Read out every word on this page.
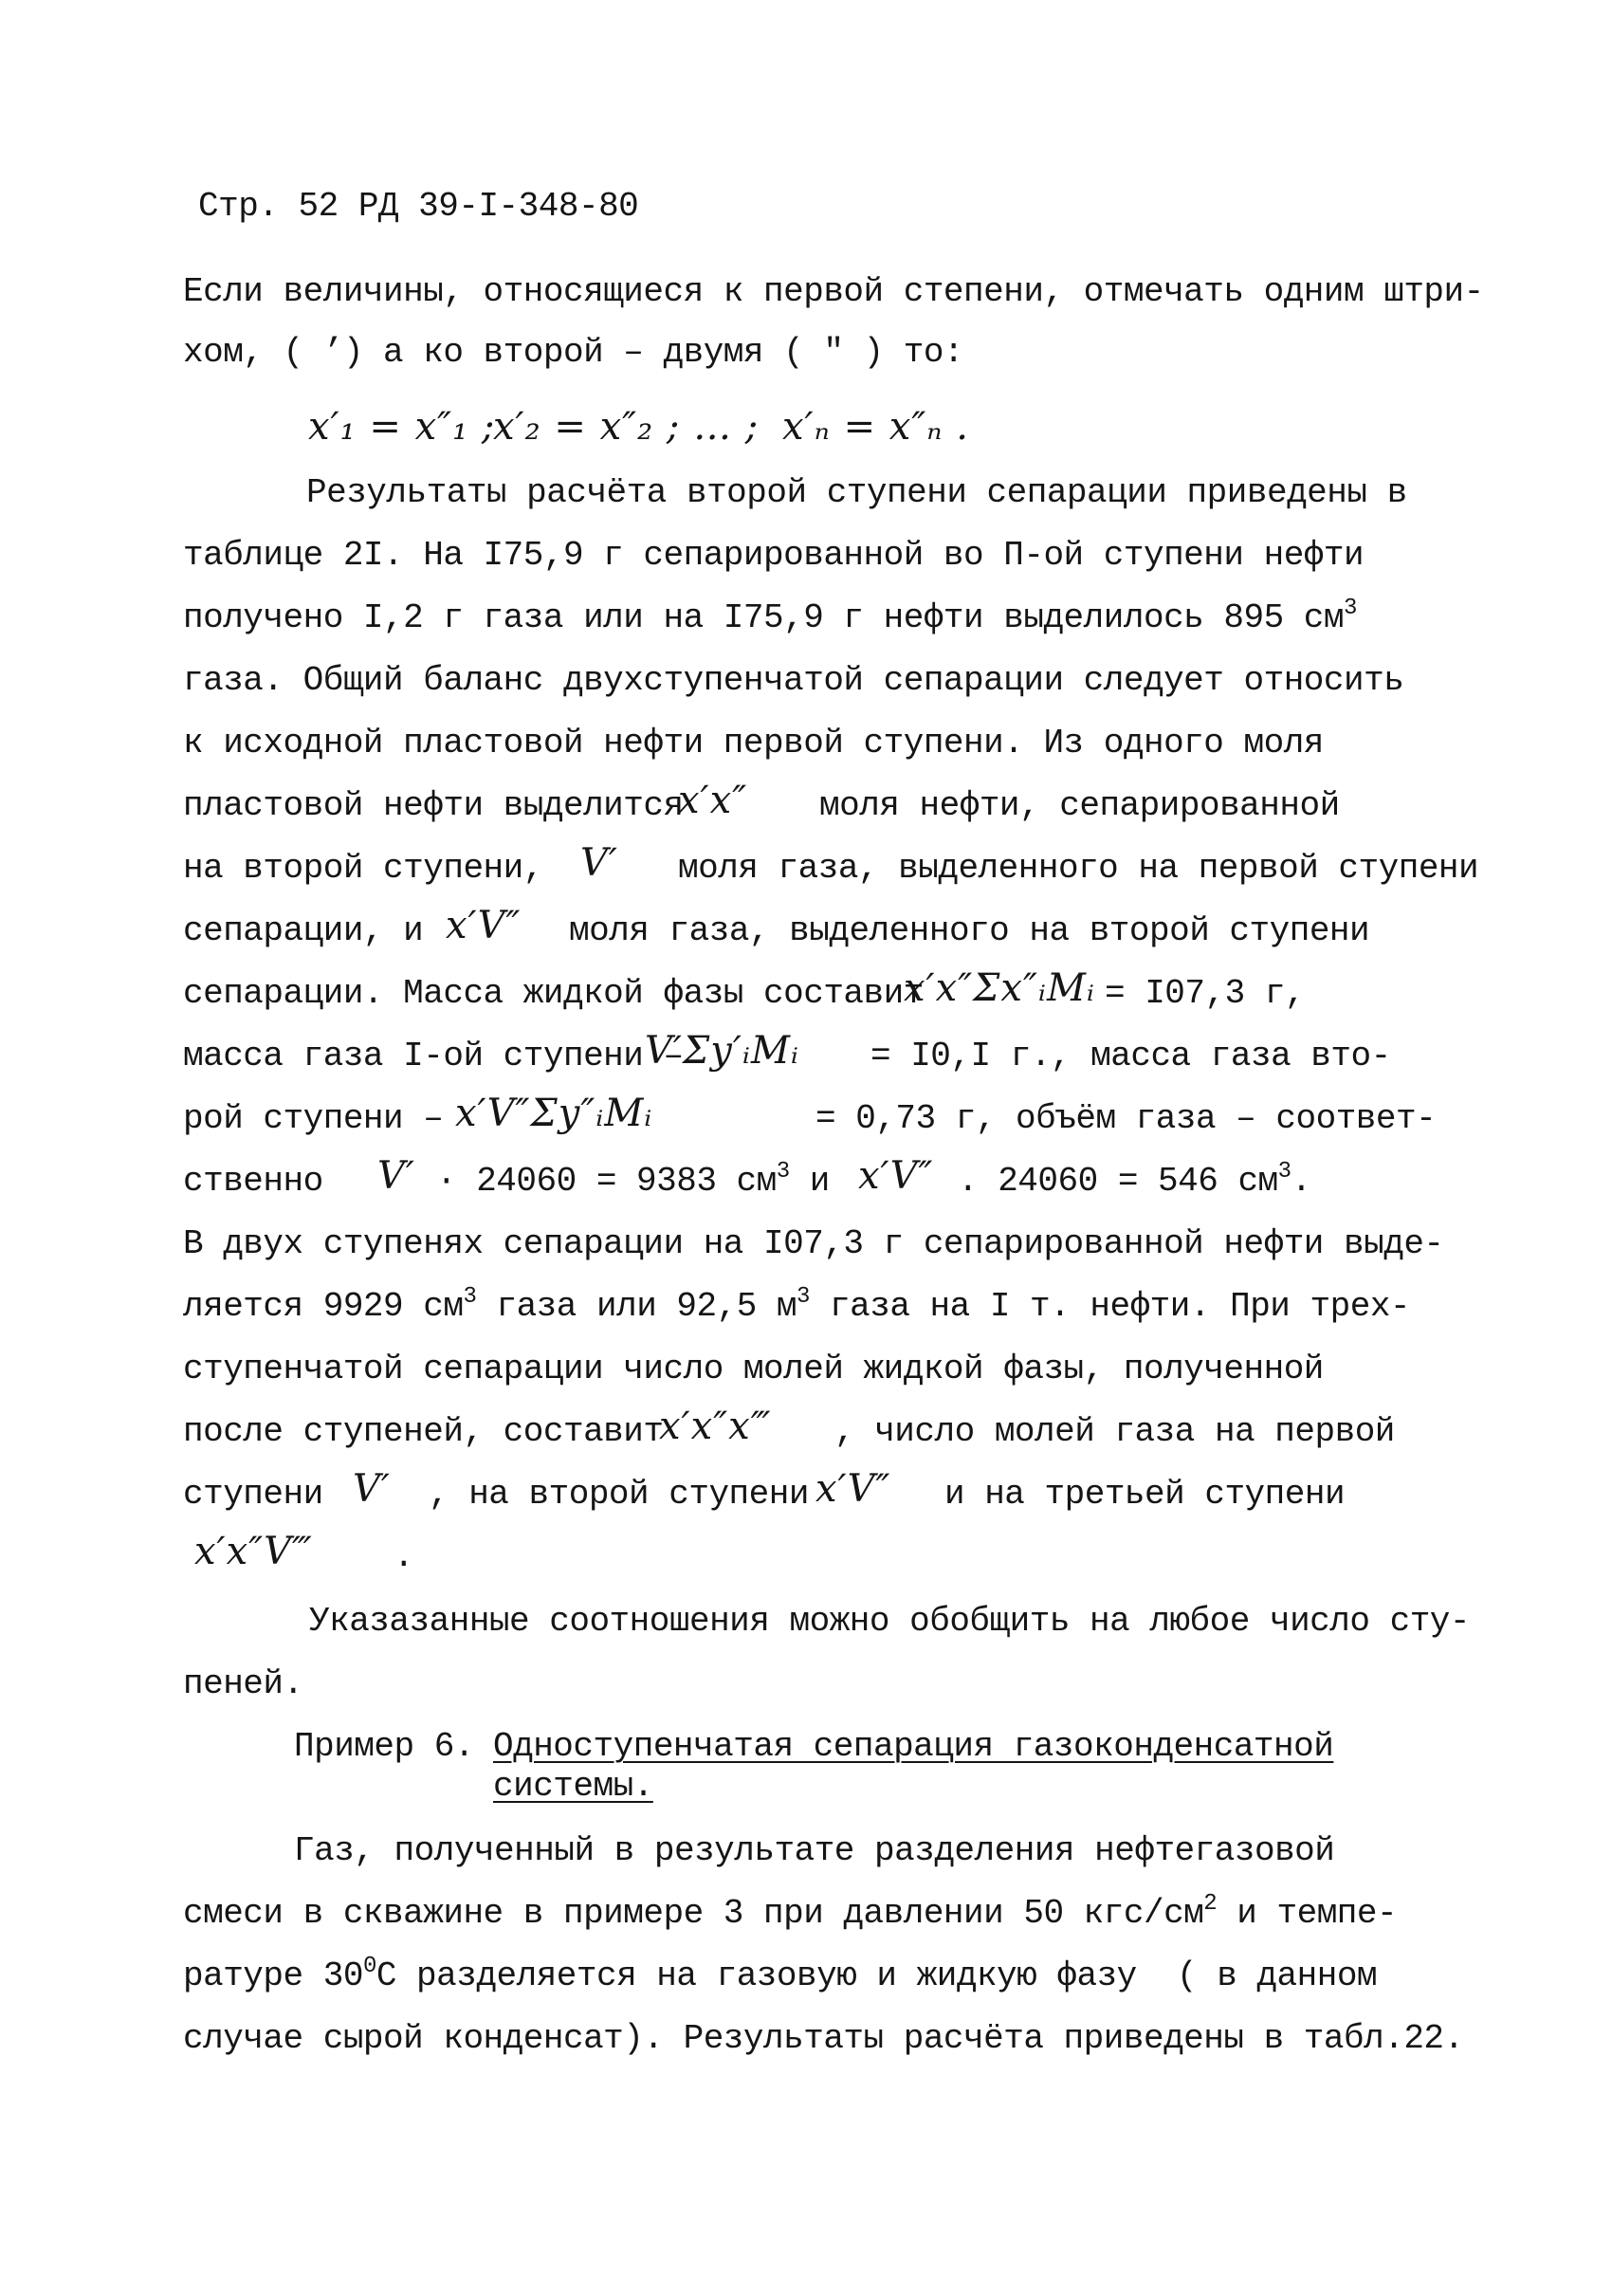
Стр. 52 РД 39-I-348-80
Если величины, относящиеся к первой степени, отмечать одним штри-
хом, ( ’) а ко второй – двумя ( " ) то:
x′₁ = x″₁ ;
x′₂ = x″₂ ; … ; x′ₙ = x″ₙ .
Результаты расчёта второй ступени сепарации приведены в
таблице 2I. На I75,9 г сепарированной во П-ой ступени нефти
получено I,2 г газа или на I75,9 г нефти выделилось 895 $см^3$
газа. Общий баланс двухступенчатой сепарации следует относить
к исходной пластовой нефти первой ступени. Из одного моля
пластовой нефти выделится
x′x″ моля нефти, сепарированной
на второй ступени, V′ моля газа, выделенного на первой ступени
сепарации, и x′V″ моля газа, выделенного на второй ступени
сепарации. Масса жидкой фазы составит
x′x″Σx″ᵢMᵢ = I07,3 г,
масса газа I-ой ступени –
V′Σy′ᵢMᵢ = I0,I г., масса газа вто-
рой ступени – x′V″Σy″ᵢMᵢ	= 0,73 г, объём газа – соответ-
ственно V′ · 24060 = 9383 $см^3$ и x′V″ . 24060 = 546 $см^3$.
В двух ступенях сепарации на I07,3 г сепарированной нефти выде-
ляется 9929 $см^3$ газа или 92,5 $м^3$ газа на I т. нефти. При трех-
ступенчатой сепарации число молей жидкой фазы, полученной
после ступеней, составит
x′x″x‴ , число молей газа на первой
ступени V′ , на второй ступени x′V″ и на третьей ступени
x′x″V‴ .
Указазанные соотношения можно обобщить на любое число сту-
пеней.
Пример 6. Одноступенчатая сепарация газоконденсатной
системы.
Газ, полученный в результате разделения нефтегазовой
смеси в скважине в примере 3 при давлении 50 кгс/$см^2$ и темпе-
ратуре $30^0С$ разделяется на газовую и жидкую фазу  ( в данном
случае сырой конденсат). Результаты расчёта приведены в табл.22.
